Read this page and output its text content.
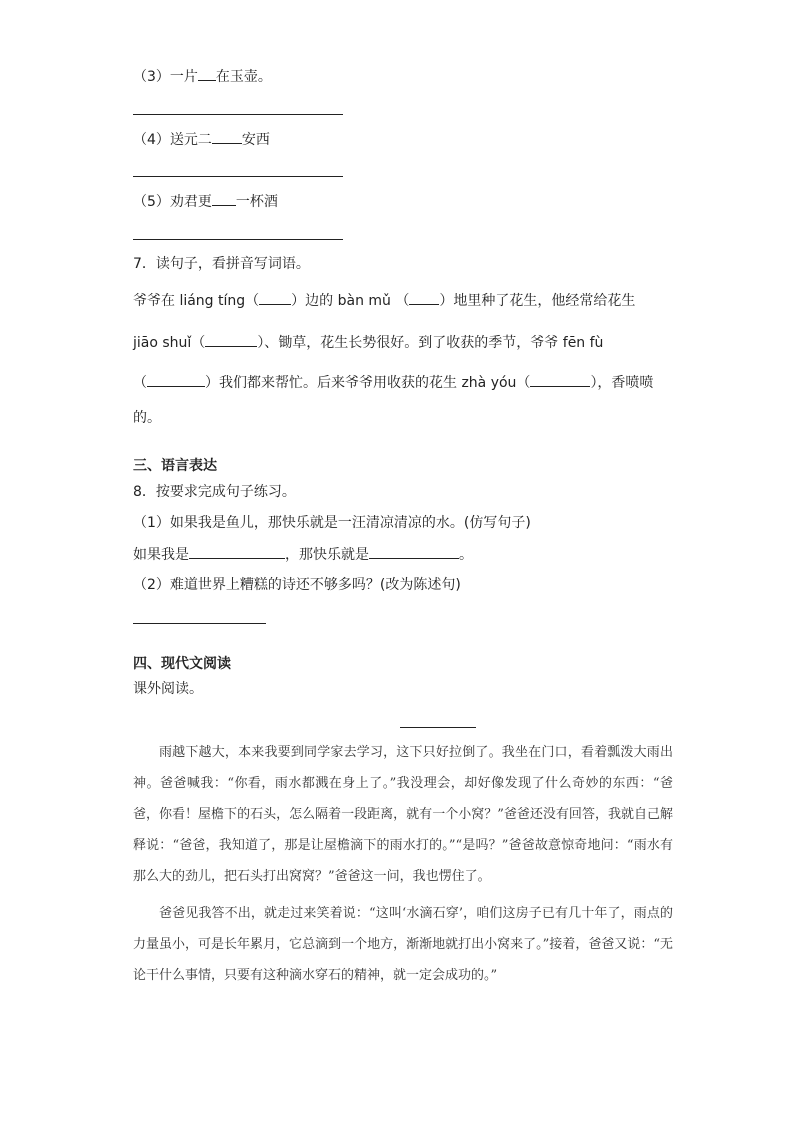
（3）一片 在玉壶。
（4）送元二 安西
（5）劝君更 一杯酒
7．读句子，看拼音写词语。
爷爷在 liáng tíng（ ）边的 bàn mǔ （ ）地里种了花生，他经常给花生
jiāo shuǐ（	）、锄草，花生长势很好。到了收获的季节，爷爷 fēn fù
（	）我们都来帮忙。后来爷爷用收获的花生 zhà yóu（	），香喷喷
的。
三、语言表达
8．按要求完成句子练习。
（1）如果我是鱼儿，那快乐就是一汪清凉清凉的水。(仿写句子)
如果我是	，那快乐就是	。
（2）难道世界上糟糕的诗还不够多吗？(改为陈述句)
四、现代文阅读
课外阅读。

雨越下越大，本来我要到同学家去学习，这下只好拉倒了。我坐在门口，看着瓢泼大雨出神。爸爸喊我：“你看，雨水都溅在身上了。”我没理会，却好像发现了什么奇妙的东西：“爸爸，你看！屋檐下的石头，怎么隔着一段距离，就有一个小窝？”爸爸还没有回答，我就自己解释说：“爸爸，我知道了，那是让屋檐滴下的雨水打的。”“是吗？”爸爸故意惊奇地问：“雨水有那么大的劲儿，把石头打出窝窝？”爸爸这一问，我也愣住了。

爸爸见我答不出，就走过来笑着说：“这叫‘水滴石穿’，咱们这房子已有几十年了，雨点的力量虽小，可是长年累月，它总滴到一个地方，渐渐地就打出小窝来了。”接着，爸爸又说：“无论干什么事情，只要有这种滴水穿石的精神，就一定会成功的。”
